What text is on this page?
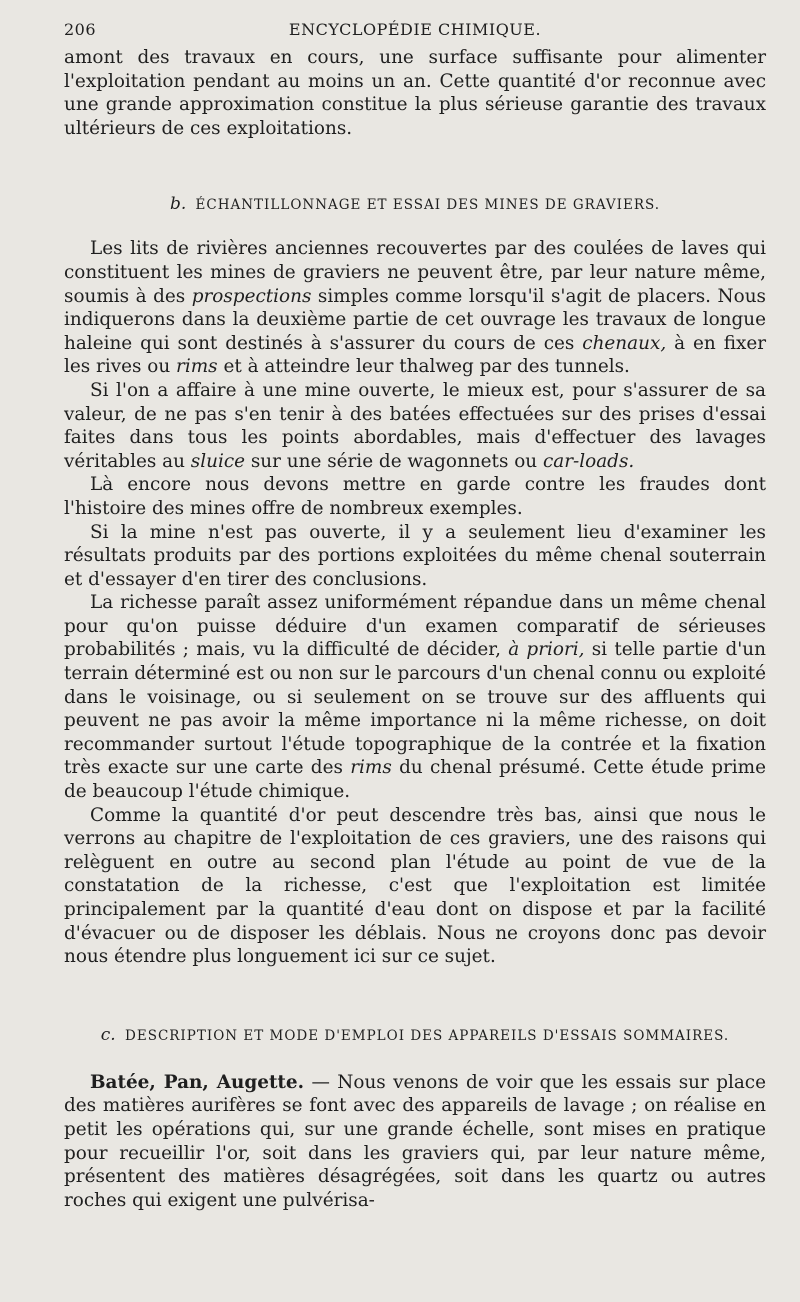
206	ENCYCLOPÉDIE CHIMIQUE.

amont des travaux en cours, une surface suffisante pour alimenter l'exploitation pendant au moins un an. Cette quantité d'or reconnue avec une grande approximation constitue la plus sérieuse garantie des travaux ultérieurs de ces exploitations.

b. ÉCHANTILLONNAGE ET ESSAI DES MINES DE GRAVIERS.

Les lits de rivières anciennes recouvertes par des coulées de laves qui constituent les mines de graviers ne peuvent être, par leur nature même, soumis à des prospections simples comme lorsqu'il s'agit de placers. Nous indiquerons dans la deuxième partie de cet ouvrage les travaux de longue haleine qui sont destinés à s'assurer du cours de ces chenaux, à en fixer les rives ou rims et à atteindre leur thalweg par des tunnels.

Si l'on a affaire à une mine ouverte, le mieux est, pour s'assurer de sa valeur, de ne pas s'en tenir à des batées effectuées sur des prises d'essai faites dans tous les points abordables, mais d'effectuer des lavages véritables au sluice sur une série de wagonnets ou car-loads.

Là encore nous devons mettre en garde contre les fraudes dont l'histoire des mines offre de nombreux exemples.

Si la mine n'est pas ouverte, il y a seulement lieu d'examiner les résultats produits par des portions exploitées du même chenal souterrain et d'essayer d'en tirer des conclusions.

La richesse paraît assez uniformément répandue dans un même chenal pour qu'on puisse déduire d'un examen comparatif de sérieuses probabilités ; mais, vu la difficulté de décider, à priori, si telle partie d'un terrain déterminé est ou non sur le parcours d'un chenal connu ou exploité dans le voisinage, ou si seulement on se trouve sur des affluents qui peuvent ne pas avoir la même importance ni la même richesse, on doit recommander surtout l'étude topographique de la contrée et la fixation très exacte sur une carte des rims du chenal présumé. Cette étude prime de beaucoup l'étude chimique.

Comme la quantité d'or peut descendre très bas, ainsi que nous le verrons au chapitre de l'exploitation de ces graviers, une des raisons qui relèguent en outre au second plan l'étude au point de vue de la constatation de la richesse, c'est que l'exploitation est limitée principalement par la quantité d'eau dont on dispose et par la facilité d'évacuer ou de disposer les déblais. Nous ne croyons donc pas devoir nous étendre plus longuement ici sur ce sujet.

c. DESCRIPTION ET MODE D'EMPLOI DES APPAREILS D'ESSAIS SOMMAIRES.

Batée, Pan, Augette. — Nous venons de voir que les essais sur place des matières aurifères se font avec des appareils de lavage ; on réalise en petit les opérations qui, sur une grande échelle, sont mises en pratique pour recueillir l'or, soit dans les graviers qui, par leur nature même, présentent des matières désagrégées, soit dans les quartz ou autres roches qui exigent une pulvérisa-
